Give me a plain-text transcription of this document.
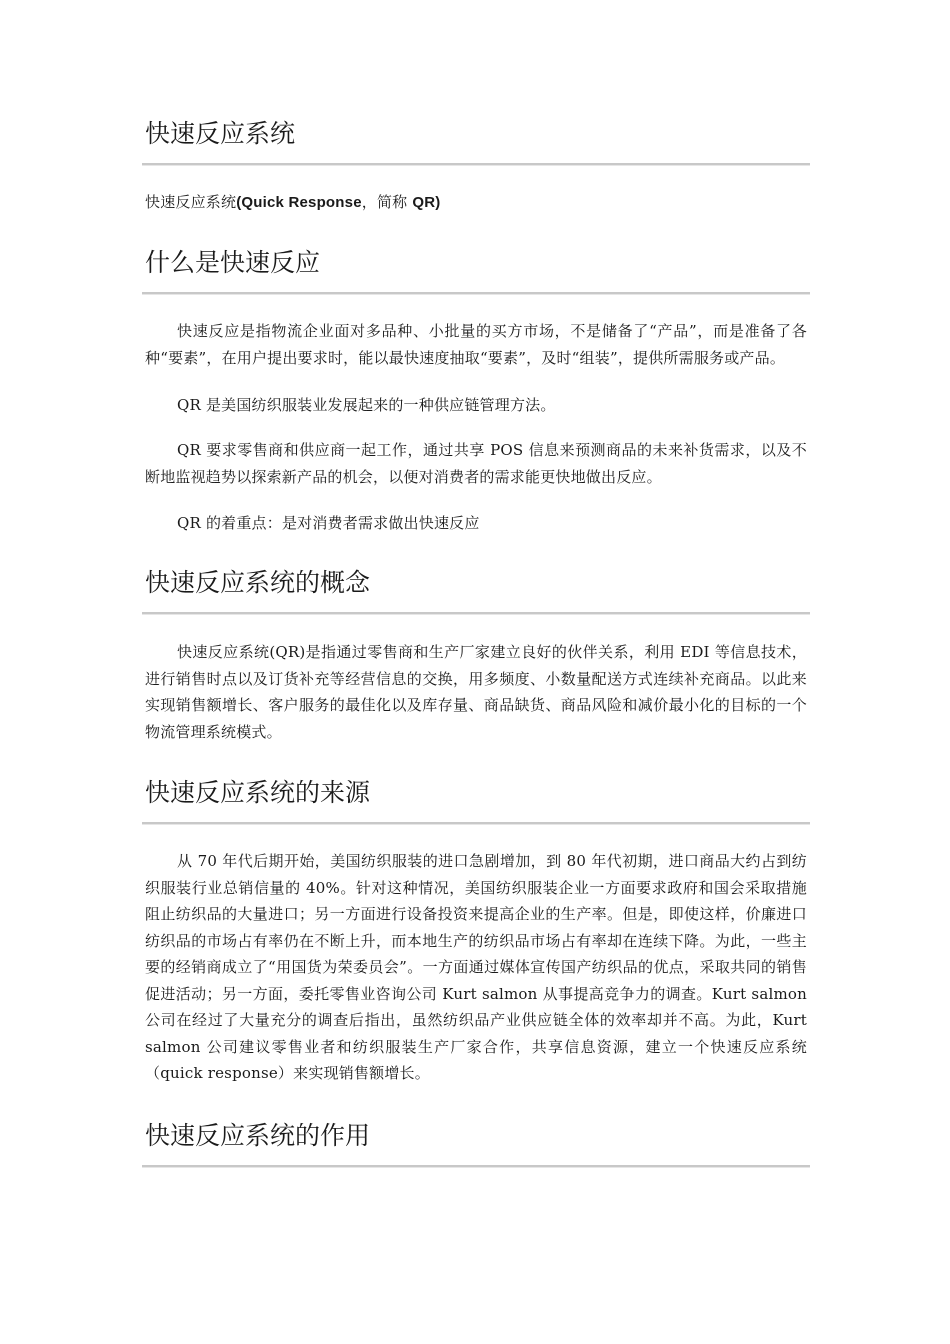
快速反应系统

快速反应系统(Quick Response，简称 QR)

什么是快速反应

快速反应是指物流企业面对多品种、小批量的买方市场，不是储备了“产品”，而是准备了各种“要素”，在用户提出要求时，能以最快速度抽取“要素”，及时“组装”，提供所需服务或产品。

QR 是美国纺织服装业发展起来的一种供应链管理方法。

QR 要求零售商和供应商一起工作，通过共享 POS 信息来预测商品的未来补货需求，以及不断地监视趋势以探索新产品的机会，以便对消费者的需求能更快地做出反应。

QR 的着重点：是对消费者需求做出快速反应

快速反应系统的概念

快速反应系统(QR)是指通过零售商和生产厂家建立良好的伙伴关系，利用 EDI 等信息技术，进行销售时点以及订货补充等经营信息的交换，用多频度、小数量配送方式连续补充商品。以此来实现销售额增长、客户服务的最佳化以及库存量、商品缺货、商品风险和减价最小化的目标的一个物流管理系统模式。

快速反应系统的来源

从 70 年代后期开始，美国纺织服装的进口急剧增加，到 80 年代初期，进口商品大约占到纺织服装行业总销信量的 40%。针对这种情况，美国纺织服装企业一方面要求政府和国会采取措施阻止纺织品的大量进口；另一方面进行设备投资来提高企业的生产率。但是，即使这样，价廉进口纺织品的市场占有率仍在不断上升，而本地生产的纺织品市场占有率却在连续下降。为此，一些主要的经销商成立了“用国货为荣委员会”。一方面通过媒体宣传国产纺织品的优点，采取共同的销售促进活动；另一方面，委托零售业咨询公司 Kurt salmon 从事提高竞争力的调查。Kurt salmon 公司在经过了大量充分的调查后指出，虽然纺织品产业供应链全体的效率却并不高。为此，Kurt salmon 公司建议零售业者和纺织服装生产厂家合作，共享信息资源，建立一个快速反应系统（quick response）来实现销售额增长。

快速反应系统的作用
